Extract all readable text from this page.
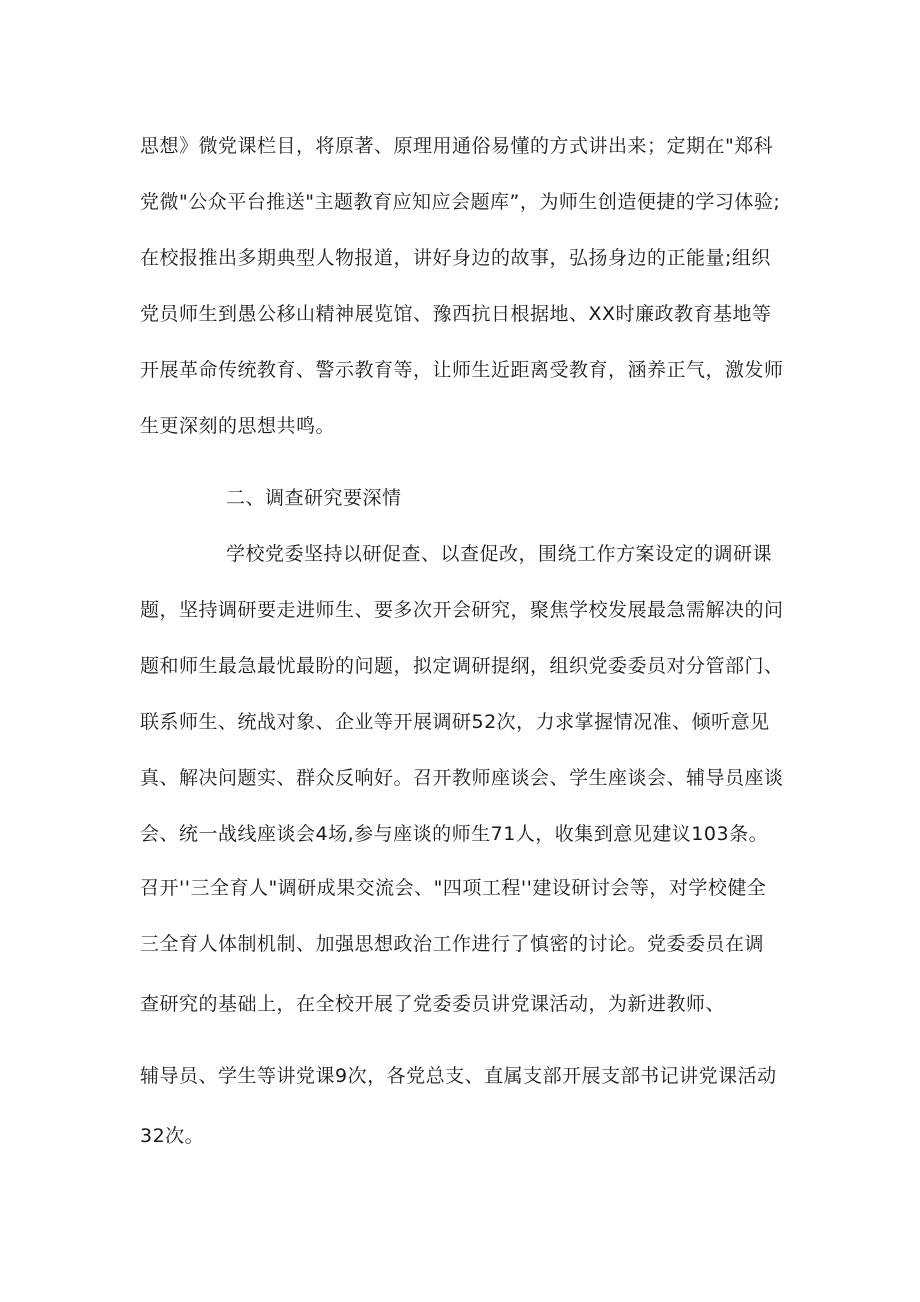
思想》微党课栏目，将原著、原理用通俗易懂的方式讲出来；定期在"郑科
党微"公众平台推送"主题教育应知应会题库”，为师生创造便捷的学习体验;
在校报推出多期典型人物报道，讲好身边的故事，弘扬身边的正能量;组织
党员师生到愚公移山精神展览馆、豫西抗日根据地、XX时廉政教育基地等
开展革命传统教育、警示教育等，让师生近距离受教育，涵养正气，激发师
生更深刻的思想共鸣。
二、调查研究要深情
学校党委坚持以研促查、以查促改，围绕工作方案设定的调研课
题，坚持调研要走进师生、要多次开会研究，聚焦学校发展最急需解决的问
题和师生最急最忧最盼的问题，拟定调研提纲，组织党委委员对分管部门、
联系师生、统战对象、企业等开展调研52次，力求掌握情况准、倾听意见
真、解决问题实、群众反响好。召开教师座谈会、学生座谈会、辅导员座谈
会、统一战线座谈会4场,参与座谈的师生71人，收集到意见建议103条。
召开''三全育人"调研成果交流会、"四项工程''建设研讨会等，对学校健全
三全育人体制机制、加强思想政治工作进行了慎密的讨论。党委委员在调
查研究的基础上，在全校开展了党委委员讲党课活动，为新进教师、
辅导员、学生等讲党课9次，各党总支、直属支部开展支部书记讲党课活动
32次。
